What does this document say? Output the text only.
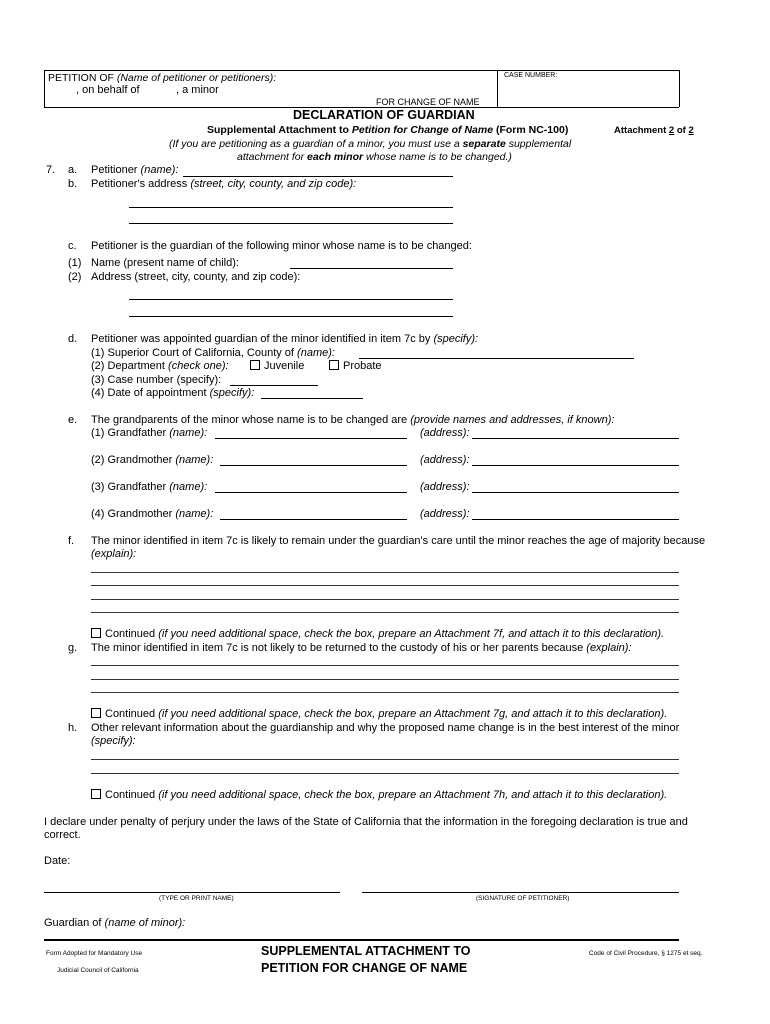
PETITION OF (Name of petitioner or petitioners):
, on behalf of	, a minor
FOR CHANGE OF NAME
CASE NUMBER:
DECLARATION OF GUARDIAN
Supplemental Attachment to Petition for Change of Name (Form NC-100)	Attachment 2 of 2
(If you are petitioning as a guardian of a minor, you must use a separate supplemental
attachment for each minor whose name is to be changed.)
7. a. Petitioner (name):
b. Petitioner's address (street, city, county, and zip code):
c. Petitioner is the guardian of the following minor whose name is to be changed:
(1) Name (present name of child):
(2) Address (street, city, county, and zip code):
d. Petitioner was appointed guardian of the minor identified in item 7c by (specify):
(1) Superior Court of California, County of (name):
(2) Department (check one):	Juvenile	Probate
(3) Case number (specify):
(4) Date of appointment (specify):
e. The grandparents of the minor whose name is to be changed are (provide names and addresses, if known):
(1) Grandfather (name):	(address):
(2) Grandmother (name):	(address):
(3) Grandfather (name):	(address):
(4) Grandmother (name):	(address):
f. The minor identified in item 7c is likely to remain under the guardian's care until the minor reaches the age of majority because
(explain):
Continued (if you need additional space, check the box, prepare an Attachment 7f, and attach it to this declaration).
g. The minor identified in item 7c is not likely to be returned to the custody of his or her parents because (explain):
Continued (if you need additional space, check the box, prepare an Attachment 7g, and attach it to this declaration).
h. Other relevant information about the guardianship and why the proposed name change is in the best interest of the minor
(specify):
Continued (if you need additional space, check the box, prepare an Attachment 7h, and attach it to this declaration).
I declare under penalty of perjury under the laws of the State of California that the information in the foregoing declaration is true and
correct.
Date:
(TYPE OR PRINT NAME)	(SIGNATURE OF PETITIONER)
Guardian of (name of minor):
Form Adopted for Mandatory Use
Judicial Council of California
SUPPLEMENTAL ATTACHMENT TO
PETITION FOR CHANGE OF NAME
Code of Civil Procedure, § 1275 et seq.
